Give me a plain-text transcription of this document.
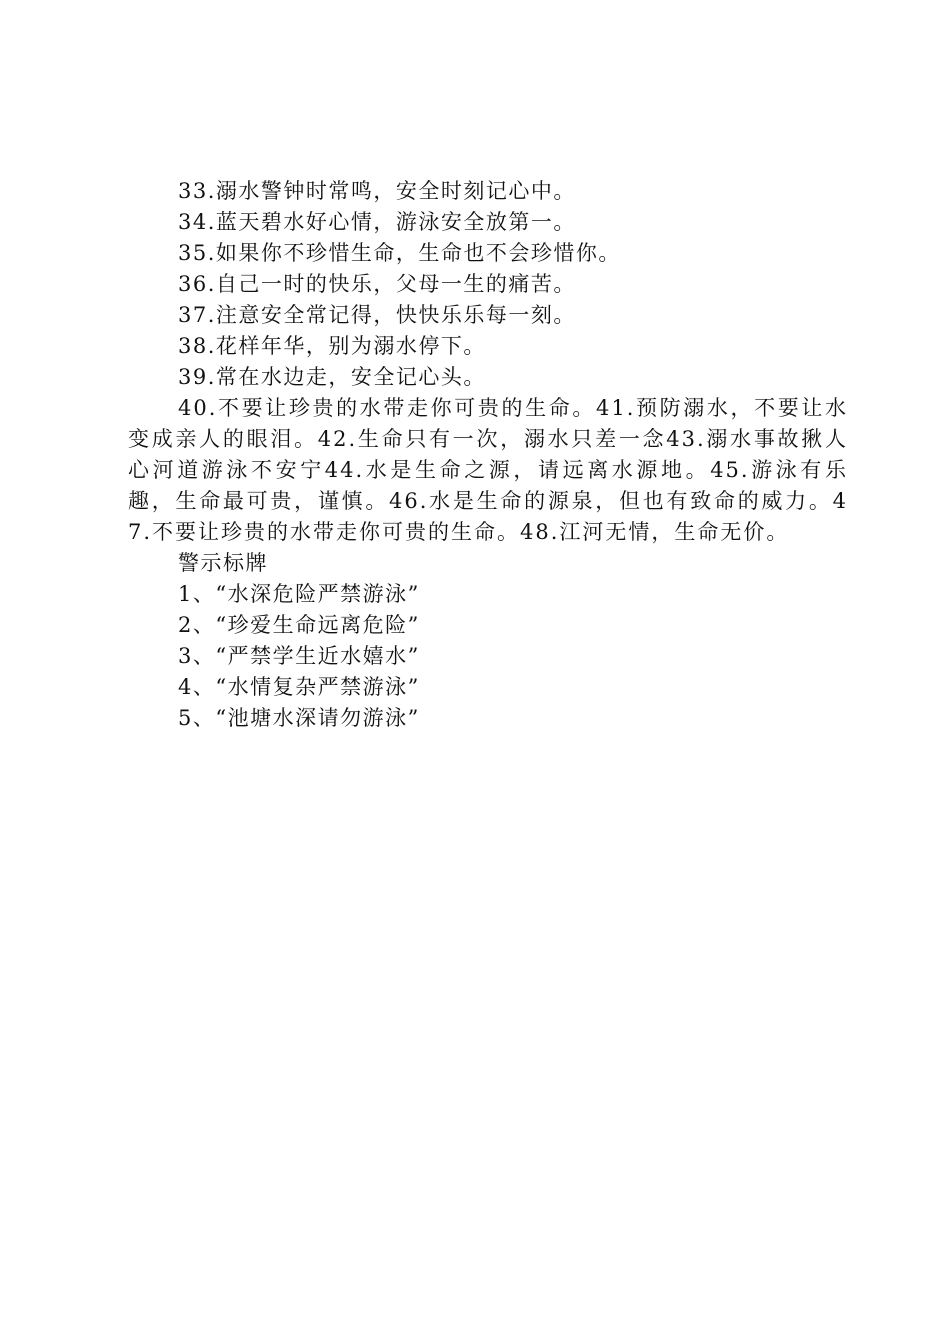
33.溺水警钟时常鸣，安全时刻记心中。

34.蓝天碧水好心情，游泳安全放第一。

35.如果你不珍惜生命，生命也不会珍惜你。

36.自己一时的快乐，父母一生的痛苦。

37.注意安全常记得，快快乐乐每一刻。

38.花样年华，别为溺水停下。

39.常在水边走，安全记心头。

40.不要让珍贵的水带走你可贵的生命。41.预防溺水，不要让水变成亲人的眼泪。42.生命只有一次，溺水只差一念43.溺水事故揪人心河道游泳不安宁44.水是生命之源，请远离水源地。45.游泳有乐趣，生命最可贵，谨慎。46.水是生命的源泉，但也有致命的威力。47.不要让珍贵的水带走你可贵的生命。48.江河无情，生命无价。

警示标牌

1、“水深危险严禁游泳”

2、“珍爱生命远离危险”

3、“严禁学生近水嬉水”

4、“水情复杂严禁游泳”

5、“池塘水深请勿游泳”
